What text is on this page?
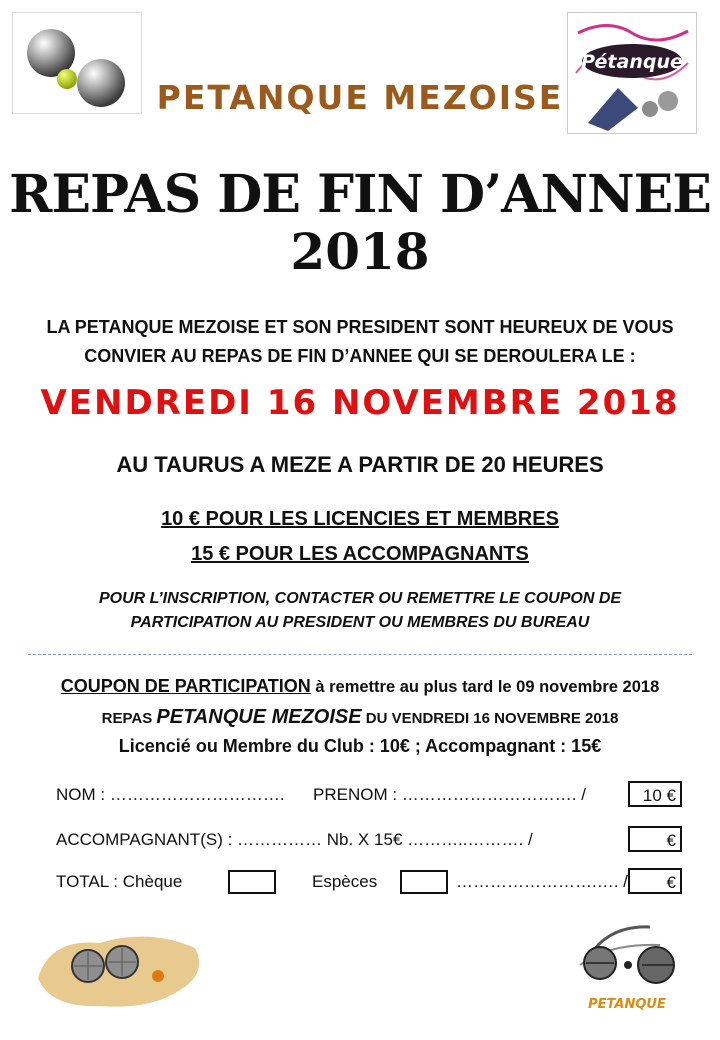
PETANQUE MEZOISE
Pétanque
REPAS DE FIN D’ANNEE
2018
LA PETANQUE MEZOISE ET SON PRESIDENT SONT HEUREUX DE VOUS
CONVIER AU REPAS DE FIN D’ANNEE QUI SE DEROULERA LE :
VENDREDI 16 NOVEMBRE 2018
AU TAURUS A MEZE A PARTIR DE 20 HEURES
10 € POUR LES LICENCIES ET MEMBRES
15 € POUR LES ACCOMPAGNANTS
POUR L’INSCRIPTION, CONTACTER OU REMETTRE LE COUPON DE
PARTICIPATION AU PRESIDENT OU MEMBRES DU BUREAU
COUPON DE PARTICIPATION à remettre au plus tard le 09 novembre 2018
REPAS PETANQUE MEZOISE DU VENDREDI 16 NOVEMBRE 2018
Licencié ou Membre du Club : 10€ ; Accompagnant : 15€
NOM : …………………………. PRENOM : …………………………. /	10 €
ACCOMPAGNANT(S) : …………… Nb. X 15€ ………..………. /	€
TOTAL : Chèque	Espèces	…………………….…. /	€
PETANQUE
